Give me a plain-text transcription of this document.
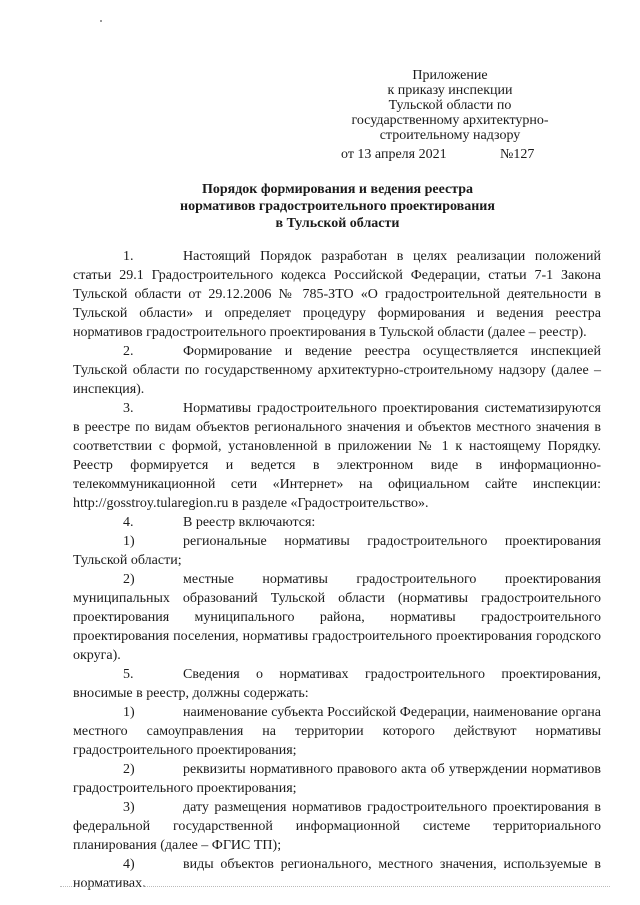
Приложение
к приказу инспекции
Тульской области по
государственному архитектурно-
строительному надзору
от 13 апреля 2021	№127
Порядок формирования и ведения реестра
нормативов градостроительного проектирования
в Тульской области

1.	Настоящий Порядок разработан в целях реализации положений статьи 29.1 Градостроительного кодекса Российской Федерации, статьи 7-1 Закона Тульской области от 29.12.2006 № 785-ЗТО «О градостроительной деятельности в Тульской области» и определяет процедуру формирования и ведения реестра нормативов градостроительного проектирования в Тульской области (далее – реестр).

2.	Формирование и ведение реестра осуществляется инспекцией Тульской области по государственному архитектурно-строительному надзору (далее – инспекция).

3.	Нормативы градостроительного проектирования систематизируются в реестре по видам объектов регионального значения и объектов местного значения в соответствии с формой, установленной в приложении № 1 к настоящему Порядку. Реестр формируется и ведется в электронном виде в информационно-телекоммуникационной сети «Интернет» на официальном сайте инспекции: http://gosstroy.tularegion.ru в разделе «Градостроительство».

4.	В реестр включаются:

1)	региональные нормативы градостроительного проектирования Тульской области;

2)	местные нормативы градостроительного проектирования муниципальных образований Тульской области (нормативы градостроительного проектирования муниципального района, нормативы градостроительного проектирования поселения, нормативы градостроительного проектирования городского округа).

5.	Сведения о нормативах градостроительного проектирования, вносимые в реестр, должны содержать:

1)	наименование субъекта Российской Федерации, наименование органа местного самоуправления на территории которого действуют нормативы градостроительного проектирования;

2)	реквизиты нормативного правового акта об утверждении нормативов градостроительного проектирования;

3)	дату размещения нормативов градостроительного проектирования в федеральной государственной информационной системе территориального планирования (далее – ФГИС ТП);

4)	виды объектов регионального, местного значения, используемые в нормативах.
